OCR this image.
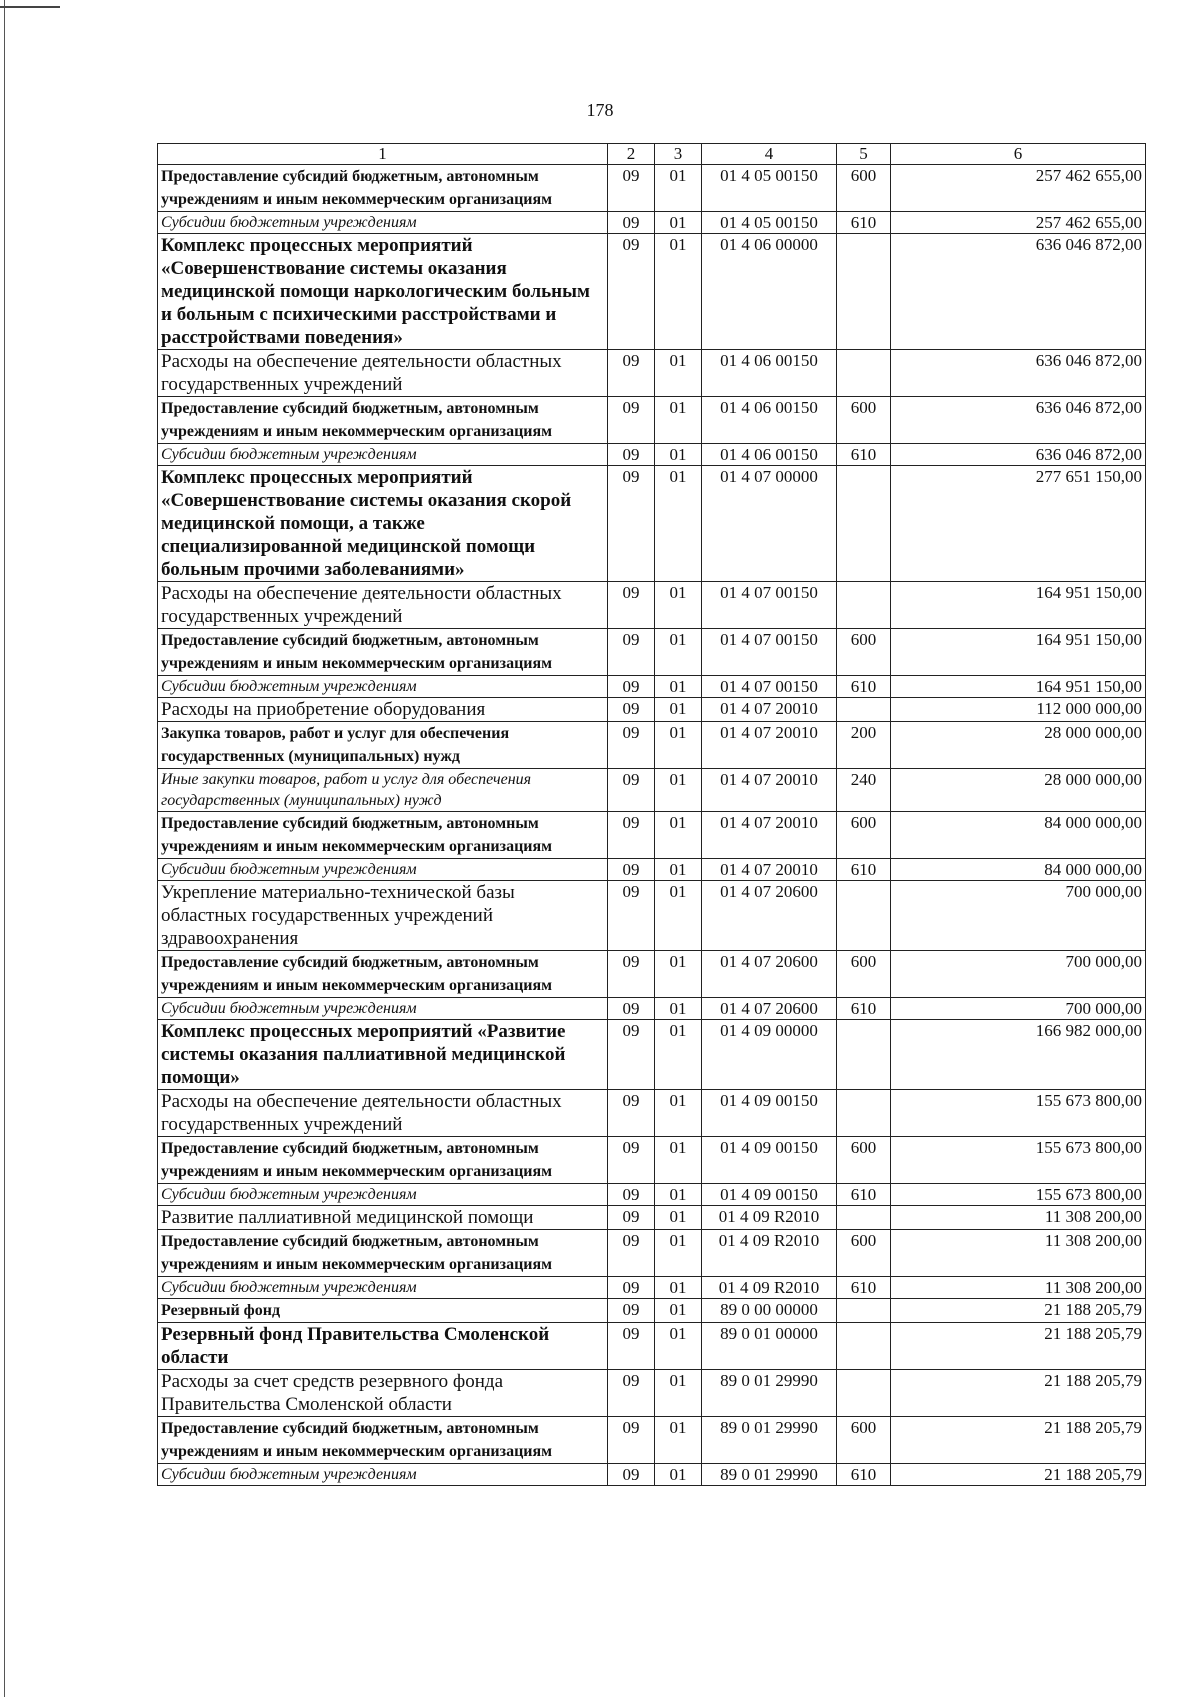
178
1	2	3	4	5	6
Предоставление субсидий бюджетным, автономным учреждениям и иным некоммерческим организациям	09	01	01 4 05 00150	600	257 462 655,00
Субсидии бюджетным учреждениям	09	01	01 4 05 00150	610	257 462 655,00
Комплекс процессных мероприятий «Совершенствование системы оказания медицинской помощи наркологическим больным и больным с психическими расстройствами и расстройствами поведения»	09	01	01 4 06 00000		636 046 872,00
Расходы на обеспечение деятельности областных государственных учреждений	09	01	01 4 06 00150		636 046 872,00
Предоставление субсидий бюджетным, автономным учреждениям и иным некоммерческим организациям	09	01	01 4 06 00150	600	636 046 872,00
Субсидии бюджетным учреждениям	09	01	01 4 06 00150	610	636 046 872,00
Комплекс процессных мероприятий «Совершенствование системы оказания скорой медицинской помощи, а также специализированной медицинской помощи больным прочими заболеваниями»	09	01	01 4 07 00000		277 651 150,00
Расходы на обеспечение деятельности областных государственных учреждений	09	01	01 4 07 00150		164 951 150,00
Предоставление субсидий бюджетным, автономным учреждениям и иным некоммерческим организациям	09	01	01 4 07 00150	600	164 951 150,00
Субсидии бюджетным учреждениям	09	01	01 4 07 00150	610	164 951 150,00
Расходы на приобретение оборудования	09	01	01 4 07 20010		112 000 000,00
Закупка товаров, работ и услуг для обеспечения государственных (муниципальных) нужд	09	01	01 4 07 20010	200	28 000 000,00
Иные закупки товаров, работ и услуг для обеспечения государственных (муниципальных) нужд	09	01	01 4 07 20010	240	28 000 000,00
Предоставление субсидий бюджетным, автономным учреждениям и иным некоммерческим организациям	09	01	01 4 07 20010	600	84 000 000,00
Субсидии бюджетным учреждениям	09	01	01 4 07 20010	610	84 000 000,00
Укрепление материально-технической базы областных государственных учреждений здравоохранения	09	01	01 4 07 20600		700 000,00
Предоставление субсидий бюджетным, автономным учреждениям и иным некоммерческим организациям	09	01	01 4 07 20600	600	700 000,00
Субсидии бюджетным учреждениям	09	01	01 4 07 20600	610	700 000,00
Комплекс процессных мероприятий «Развитие системы оказания паллиативной медицинской помощи»	09	01	01 4 09 00000		166 982 000,00
Расходы на обеспечение деятельности областных государственных учреждений	09	01	01 4 09 00150		155 673 800,00
Предоставление субсидий бюджетным, автономным учреждениям и иным некоммерческим организациям	09	01	01 4 09 00150	600	155 673 800,00
Субсидии бюджетным учреждениям	09	01	01 4 09 00150	610	155 673 800,00
Развитие паллиативной медицинской помощи	09	01	01 4 09 R2010		11 308 200,00
Предоставление субсидий бюджетным, автономным учреждениям и иным некоммерческим организациям	09	01	01 4 09 R2010	600	11 308 200,00
Субсидии бюджетным учреждениям	09	01	01 4 09 R2010	610	11 308 200,00
Резервный фонд	09	01	89 0 00 00000		21 188 205,79
Резервный фонд Правительства Смоленской области	09	01	89 0 01 00000		21 188 205,79
Расходы за счет средств резервного фонда Правительства Смоленской области	09	01	89 0 01 29990		21 188 205,79
Предоставление субсидий бюджетным, автономным учреждениям и иным некоммерческим организациям	09	01	89 0 01 29990	600	21 188 205,79
Субсидии бюджетным учреждениям	09	01	89 0 01 29990	610	21 188 205,79
